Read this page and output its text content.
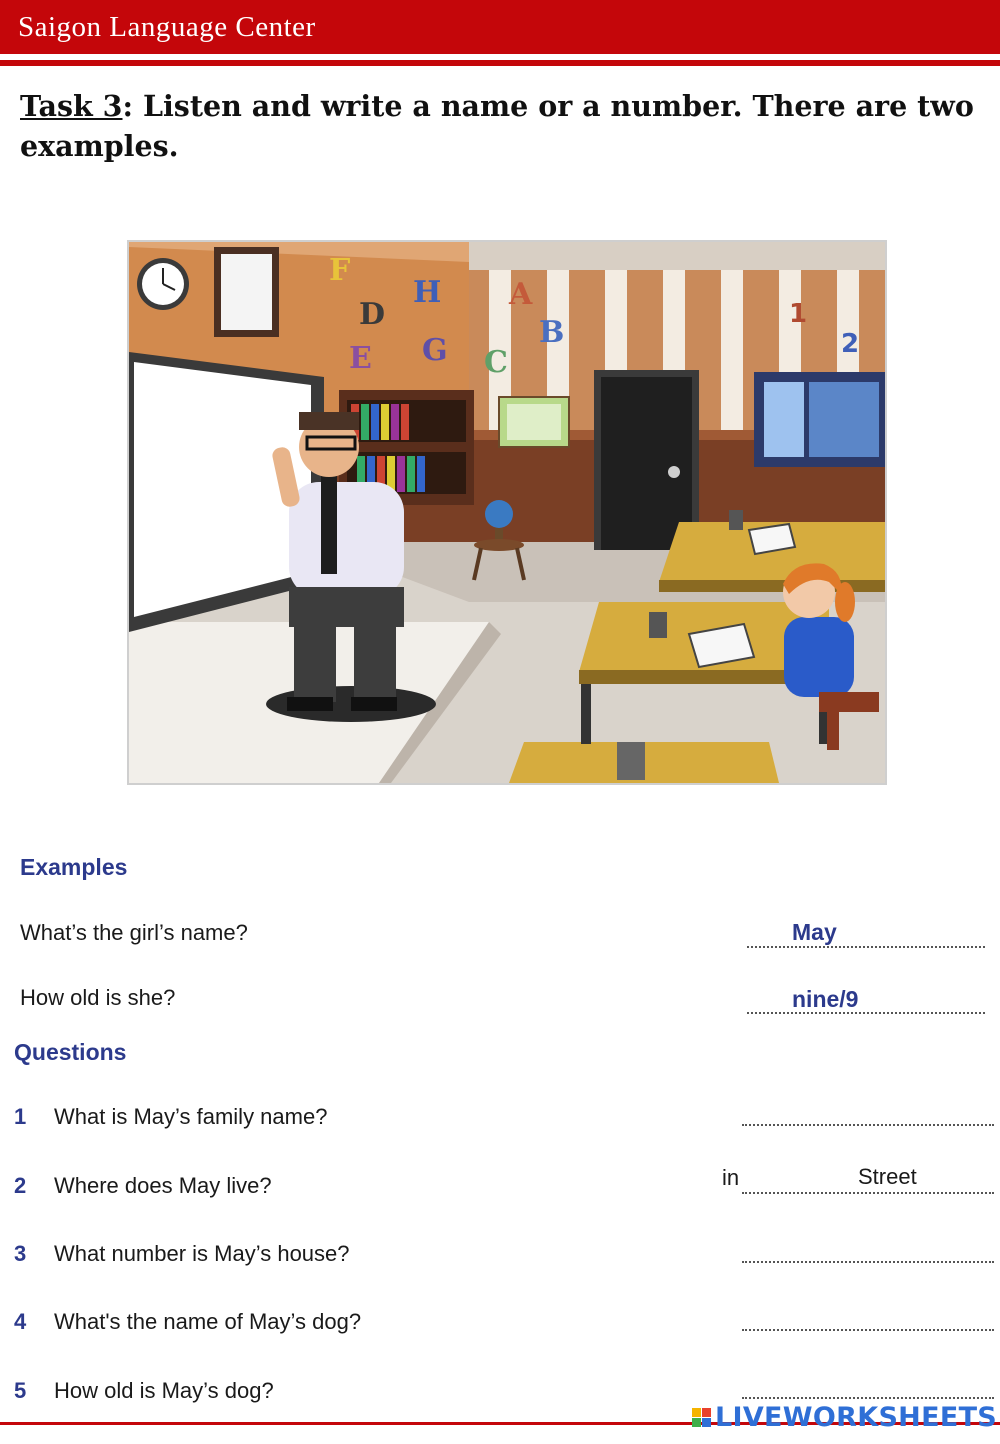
Saigon Language Center
Task 3: Listen and write a name or a number. There are two examples.
F
H
D
A
B
C
G
E
1
2
Examples
What’s the girl’s name?	May
How old is she?	nine/9
Questions
1 What is May’s family name?
2 Where does May live?	in	Street
3 What number is May’s house?
4 What's the name of May’s dog?
5 How old is May’s dog?
LIVEWORKSHEETS
